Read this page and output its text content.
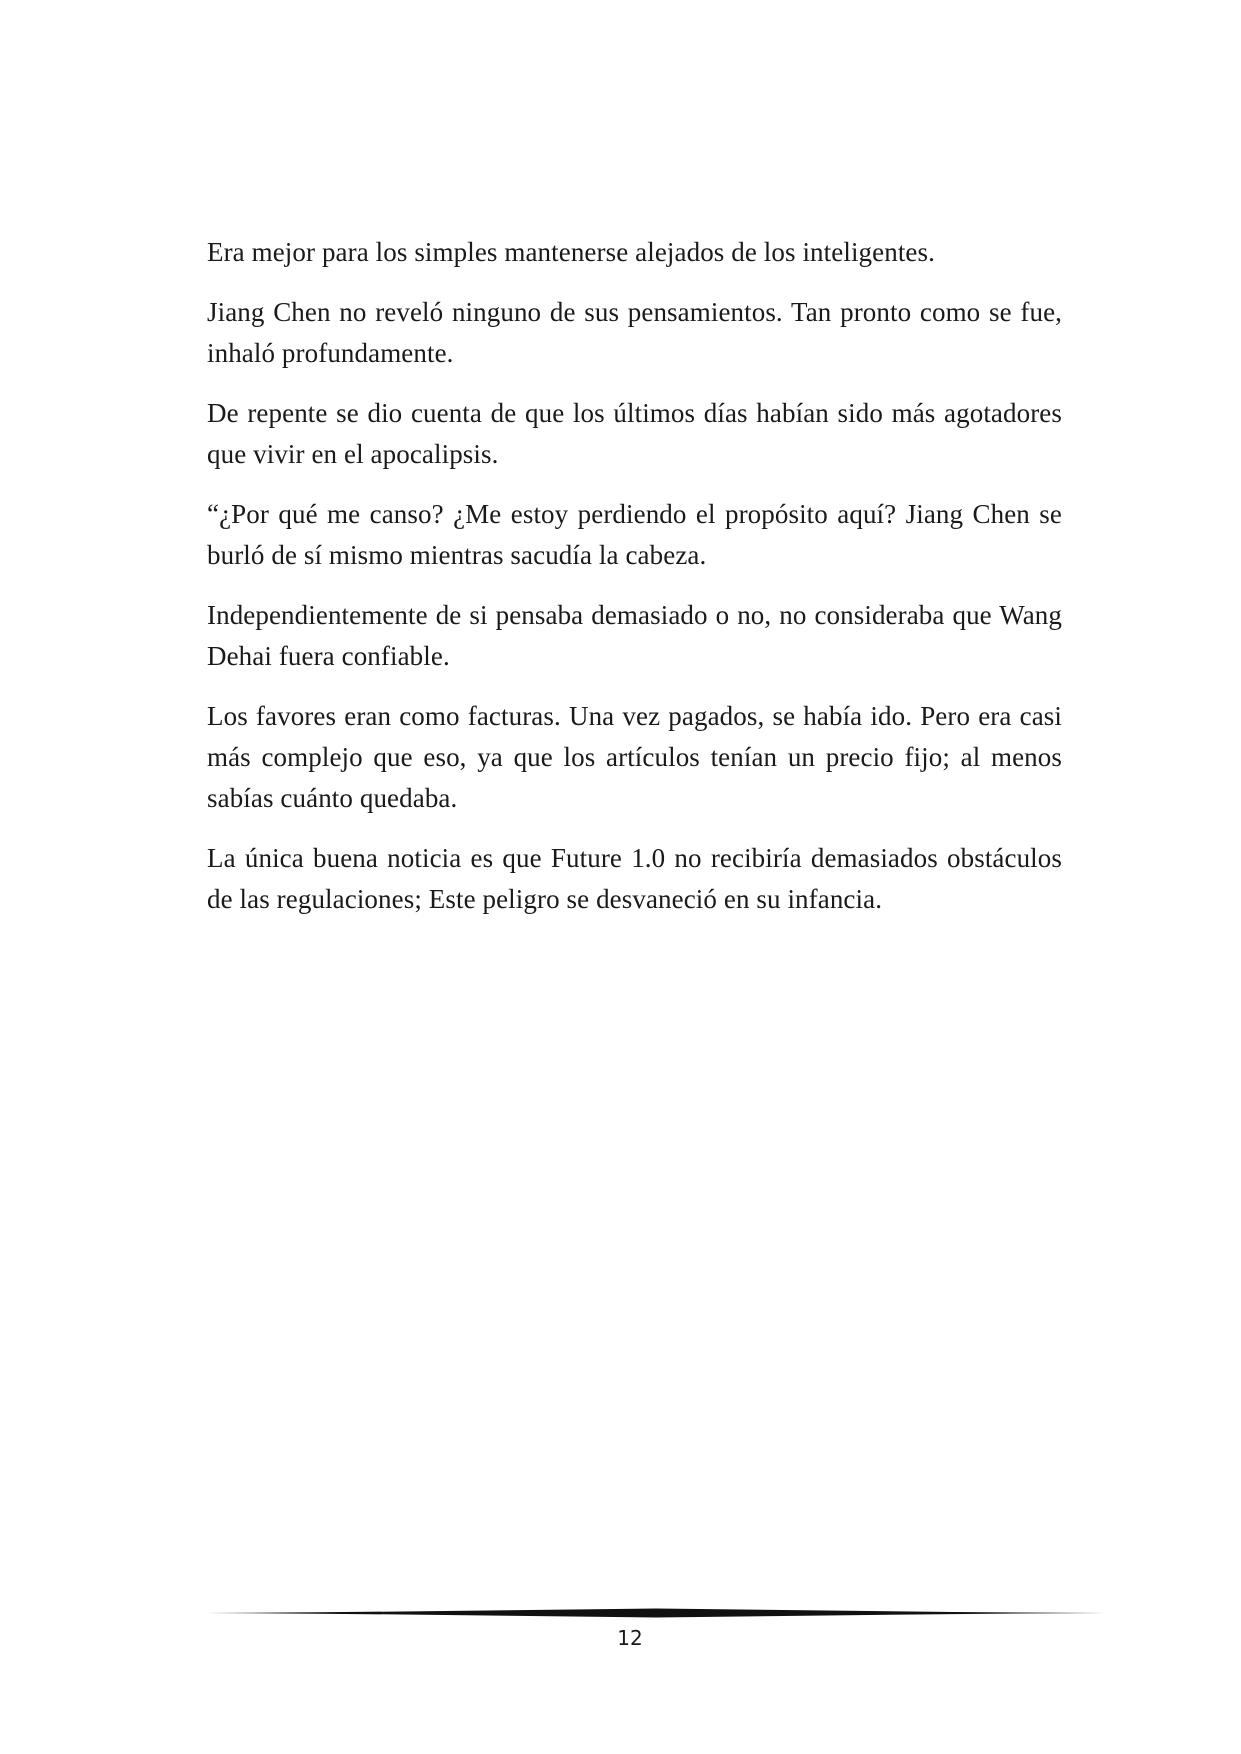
Era mejor para los simples mantenerse alejados de los inteligentes.

Jiang Chen no reveló ninguno de sus pensamientos. Tan pronto como se fue, inhaló profundamente.

De repente se dio cuenta de que los últimos días habían sido más agotadores que vivir en el apocalipsis.

“¿Por qué me canso? ¿Me estoy perdiendo el propósito aquí? Jiang Chen se burló de sí mismo mientras sacudía la cabeza.

Independientemente de si pensaba demasiado o no, no consideraba que Wang Dehai fuera confiable.

Los favores eran como facturas. Una vez pagados, se había ido. Pero era casi más complejo que eso, ya que los artículos tenían un precio fijo; al menos sabías cuánto quedaba.

La única buena noticia es que Future 1.0 no recibiría demasiados obstáculos de las regulaciones; Este peligro se desvaneció en su infancia.

12
